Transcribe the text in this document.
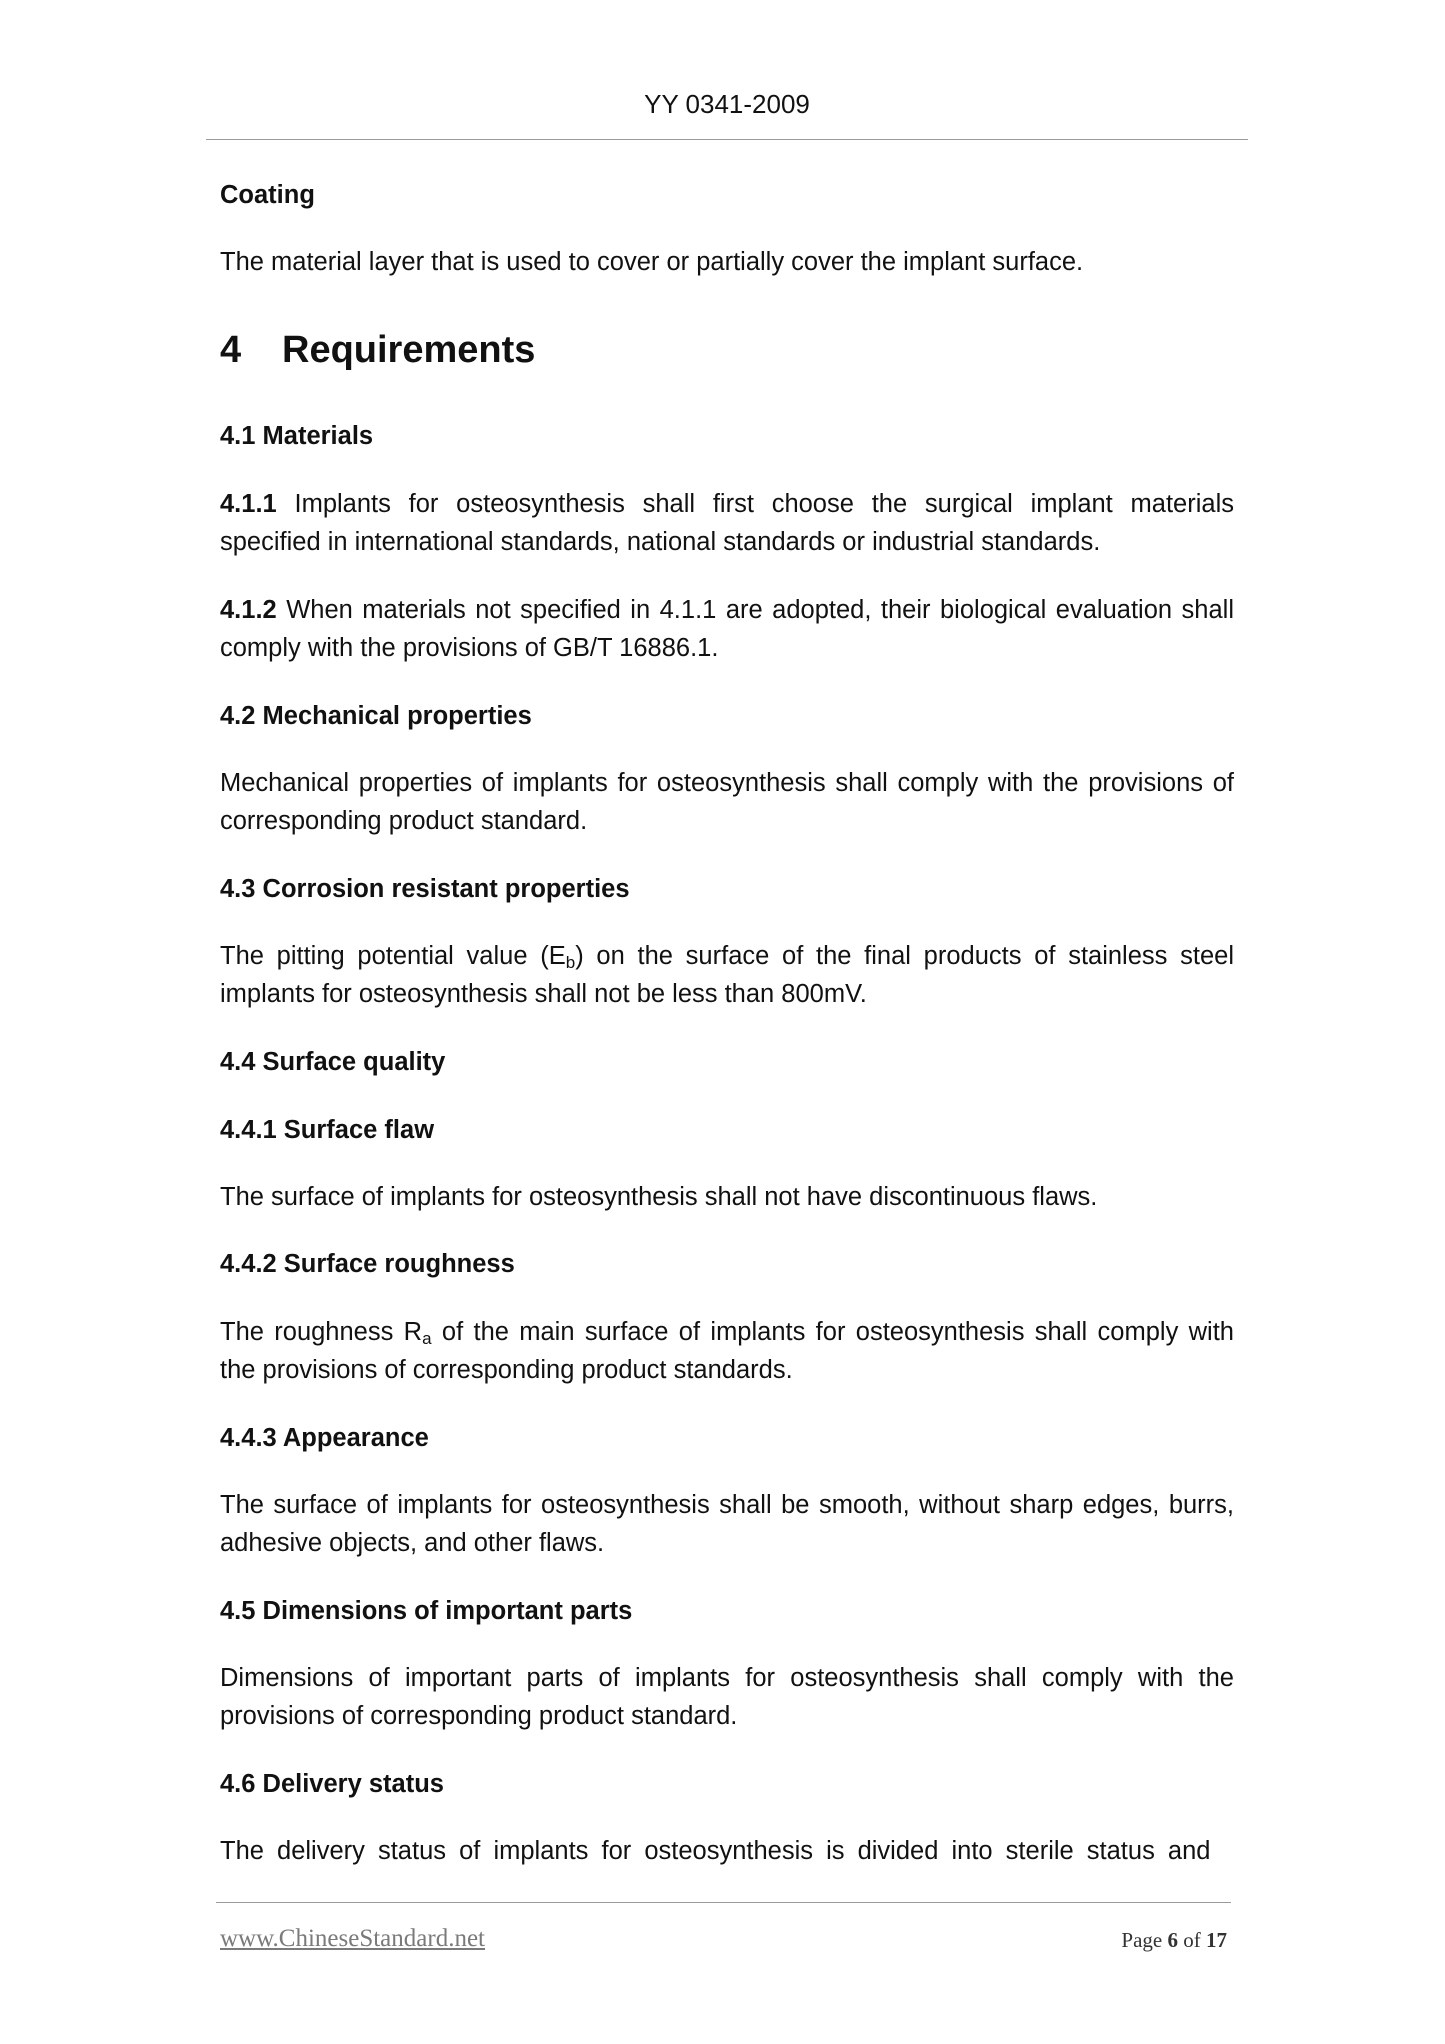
YY 0341-2009

Coating

The material layer that is used to cover or partially cover the implant surface.

4 Requirements

4.1 Materials

4.1.1 Implants for osteosynthesis shall first choose the surgical implant materials specified in international standards, national standards or industrial standards.

4.1.2 When materials not specified in 4.1.1 are adopted, their biological evaluation shall comply with the provisions of GB/T 16886.1.

4.2 Mechanical properties

Mechanical properties of implants for osteosynthesis shall comply with the provisions of corresponding product standard.

4.3 Corrosion resistant properties

The pitting potential value $(E_b)$ on the surface of the final products of stainless steel implants for osteosynthesis shall not be less than 800mV.

4.4 Surface quality

4.4.1 Surface flaw

The surface of implants for osteosynthesis shall not have discontinuous flaws.

4.4.2 Surface roughness

The roughness $R_a$ of the main surface of implants for osteosynthesis shall comply with the provisions of corresponding product standards.

4.4.3 Appearance

The surface of implants for osteosynthesis shall be smooth, without sharp edges, burrs, adhesive objects, and other flaws.

4.5 Dimensions of important parts

Dimensions of important parts of implants for osteosynthesis shall comply with the provisions of corresponding product standard.

4.6 Delivery status

The delivery status of implants for osteosynthesis is divided into sterile status and

www.ChineseStandard.net	Page 6 of 17
